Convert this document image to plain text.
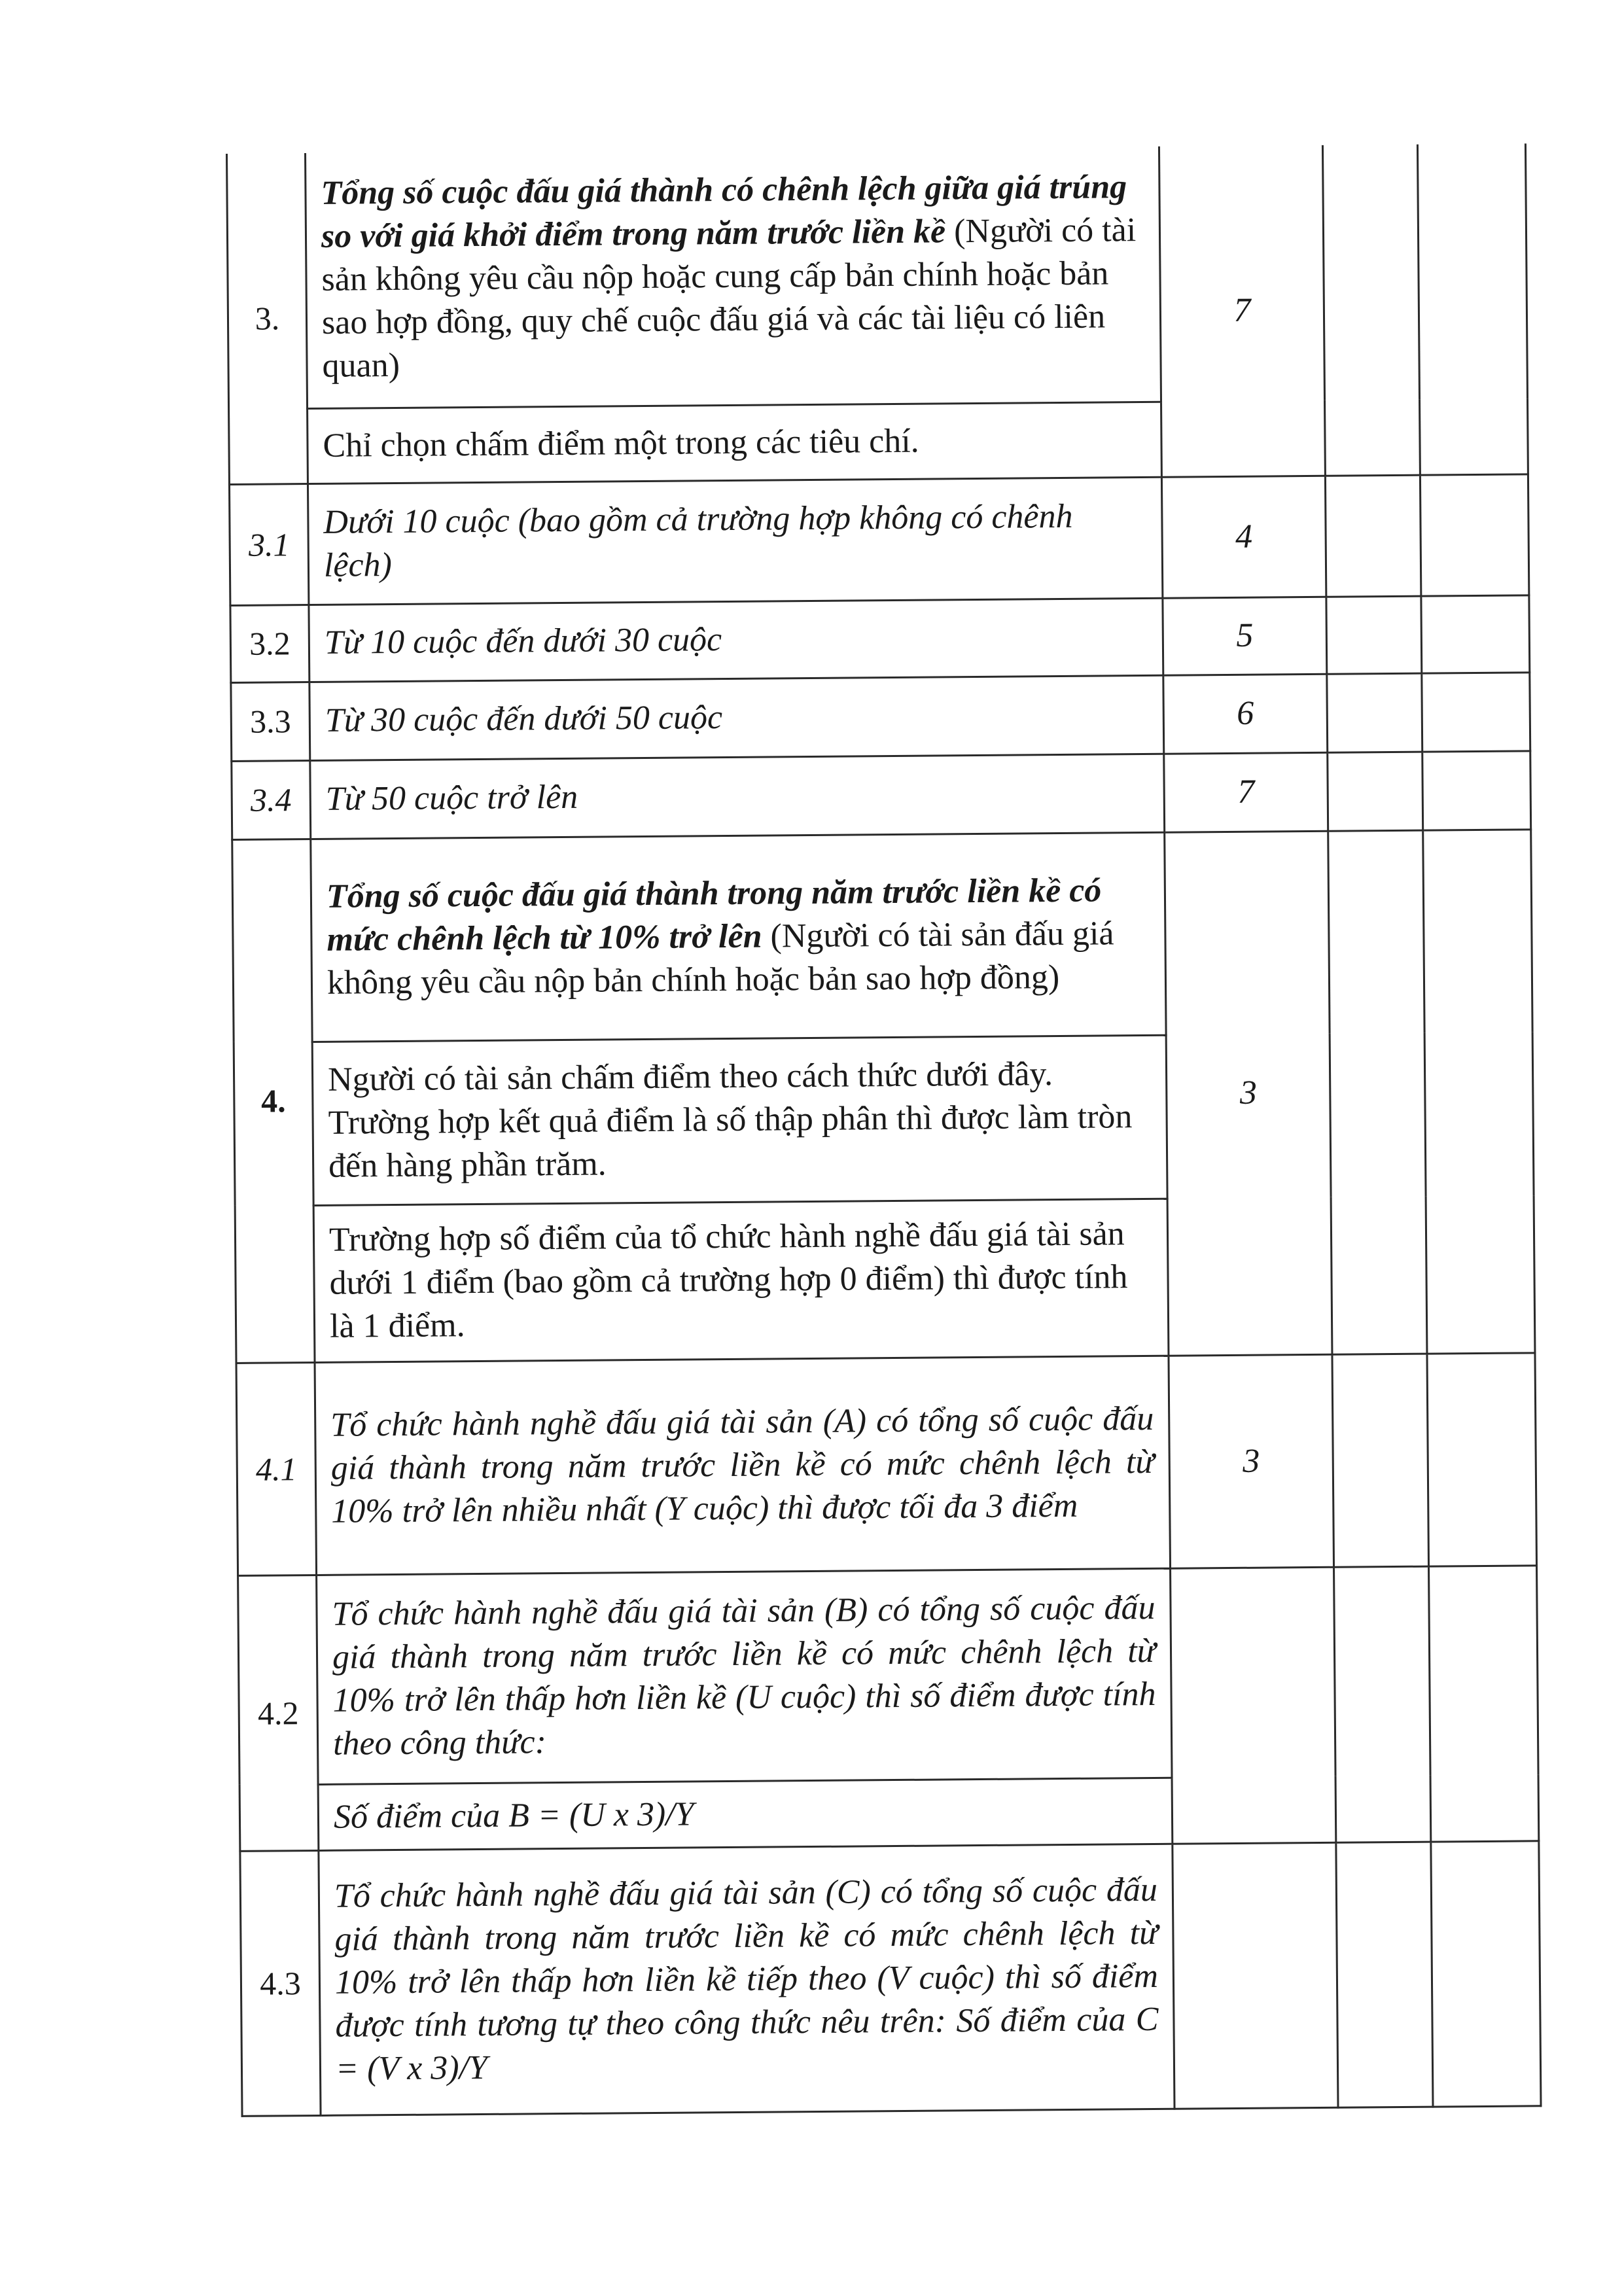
3.	Tổng số cuộc đấu giá thành có chênh lệch giữa giá trúng so với giá khởi điểm trong năm trước liền kề (Người có tài sản không yêu cầu nộp hoặc cung cấp bản chính hoặc bản sao hợp đồng, quy chế cuộc đấu giá và các tài liệu có liên quan)	7		
	Chỉ chọn chấm điểm một trong các tiêu chí.			
3.1	Dưới 10 cuộc (bao gồm cả trường hợp không có chênh lệch)	4		
3.2	Từ 10 cuộc đến dưới 30 cuộc	5		
3.3	Từ 30 cuộc đến dưới 50 cuộc	6		
3.4	Từ 50 cuộc trở lên	7		
4.	Tổng số cuộc đấu giá thành trong năm trước liền kề có mức chênh lệch từ 10% trở lên (Người có tài sản đấu giá không yêu cầu nộp bản chính hoặc bản sao hợp đồng)	3		
	Người có tài sản chấm điểm theo cách thức dưới đây. Trường hợp kết quả điểm là số thập phân thì được làm tròn đến hàng phần trăm.			
	Trường hợp số điểm của tổ chức hành nghề đấu giá tài sản dưới 1 điểm (bao gồm cả trường hợp 0 điểm) thì được tính là 1 điểm.			
4.1	Tổ chức hành nghề đấu giá tài sản (A) có tổng số cuộc đấu giá thành trong năm trước liền kề có mức chênh lệch từ 10% trở lên nhiều nhất (Y cuộc) thì được tối đa 3 điểm	3		
4.2	Tổ chức hành nghề đấu giá tài sản (B) có tổng số cuộc đấu giá thành trong năm trước liền kề có mức chênh lệch từ 10% trở lên thấp hơn liền kề (U cuộc) thì số điểm được tính theo công thức:			
	Số điểm của B = (U x 3)/Y			
4.3	Tổ chức hành nghề đấu giá tài sản (C) có tổng số cuộc đấu giá thành trong năm trước liền kề có mức chênh lệch từ 10% trở lên thấp hơn liền kề tiếp theo (V cuộc) thì số điểm được tính tương tự theo công thức nêu trên: Số điểm của C = (V x 3)/Y			
